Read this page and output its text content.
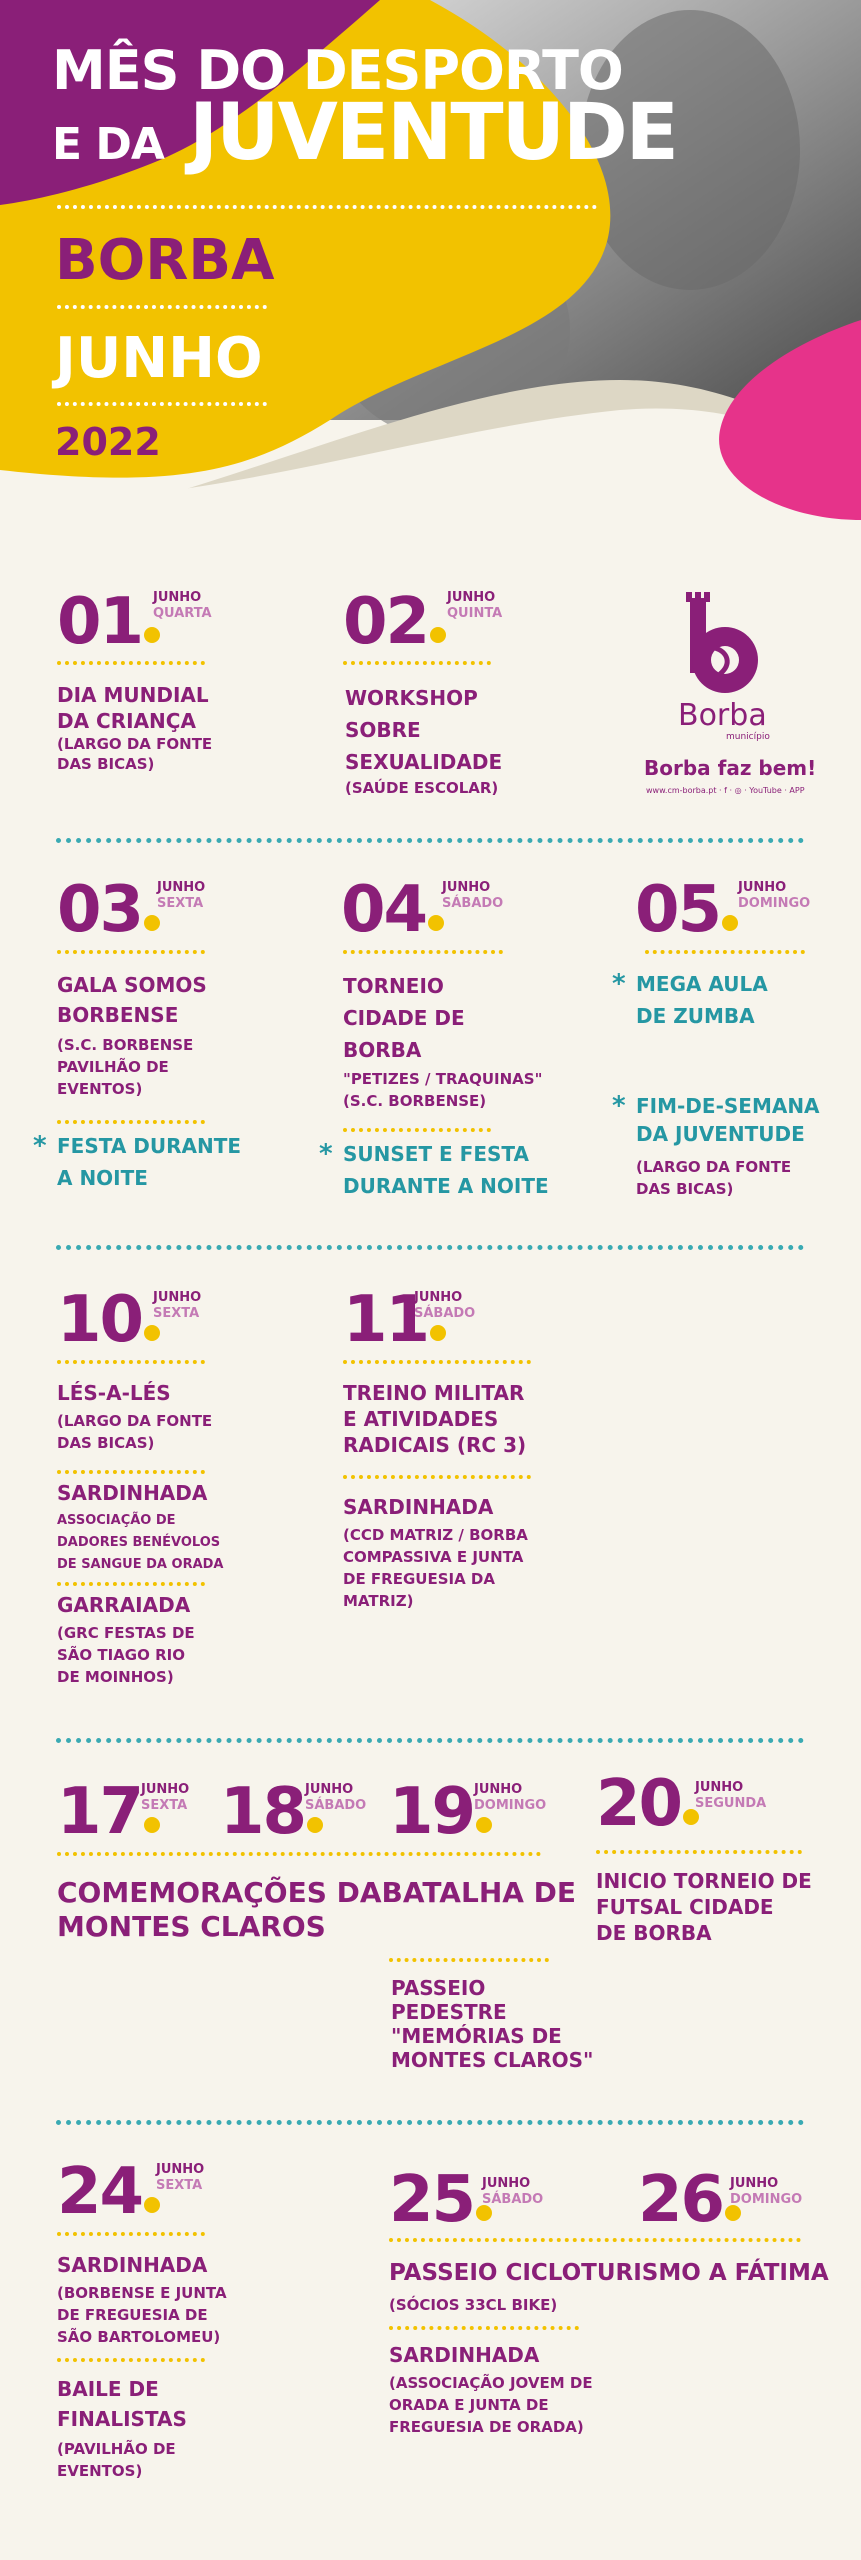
MÊS DO DESPORTO
E DA JUVENTUDE
BORBA
JUNHO
2022
Borba
município
Borba faz bem!
www.cm-borba.pt · f · ◎ · YouTube · APP
01 JUNHO
QUARTA
DIA MUNDIAL
DA CRIANÇA
(LARGO DA FONTE
DAS BICAS)
02	JUNHO
QUINTA
WORKSHOP
SOBRE
SEXUALIDADE
(SAÚDE ESCOLAR)
03	JUNHO
SEXTA
GALA SOMOS
BORBENSE
(S.C. BORBENSE
PAVILHÃO DE
EVENTOS)
* FESTA DURANTE
A NOITE
04	JUNHO
SÁBADO
TORNEIO
CIDADE DE
BORBA
"PETIZES / TRAQUINAS"
(S.C. BORBENSE)
* SUNSET E FESTA
DURANTE A NOITE
05	JUNHO
DOMINGO
* MEGA AULA
DE ZUMBA
* FIM-DE-SEMANA
DA JUVENTUDE
(LARGO DA FONTE
DAS BICAS)
10 JUNHO
SEXTA
LÉS-A-LÉS
(LARGO DA FONTE
DAS BICAS)
SARDINHADA
ASSOCIAÇÃO DE
DADORES BENÉVOLOS
DE SANGUE DA ORADA
GARRAIADA
(GRC FESTAS DE
SÃO TIAGO RIO
DE MOINHOS)
11
JUNHO
SÁBADO
TREINO MILITAR
E ATIVIDADES
RADICAIS (RC 3)
SARDINHADA
(CCD MATRIZ / BORBA
COMPASSIVA E JUNTA
DE FREGUESIA DA
MATRIZ)
17
JUNHO
SEXTA 18 JUNHO
SÁBADO 19 JUNHO
DOMINGO
COMEMORAÇÕES DABATALHA DE
MONTES CLAROS
PASSEIO
PEDESTRE
"MEMÓRIAS DE
MONTES CLAROS"
20	JUNHO
SEGUNDA
INICIO TORNEIO DE
FUTSAL CIDADE
DE BORBA
24	JUNHO
SEXTA
SARDINHADA
(BORBENSE E JUNTA
DE FREGUESIA DE
SÃO BARTOLOMEU)
BAILE DE
FINALISTAS
(PAVILHÃO DE
EVENTOS)
25 JUNHO
SÁBADO 26 JUNHO
DOMINGO
PASSEIO CICLOTURISMO A FÁTIMA
(SÓCIOS 33CL BIKE)
SARDINHADA
(ASSOCIAÇÃO JOVEM DE
ORADA E JUNTA DE
FREGUESIA DE ORADA)
